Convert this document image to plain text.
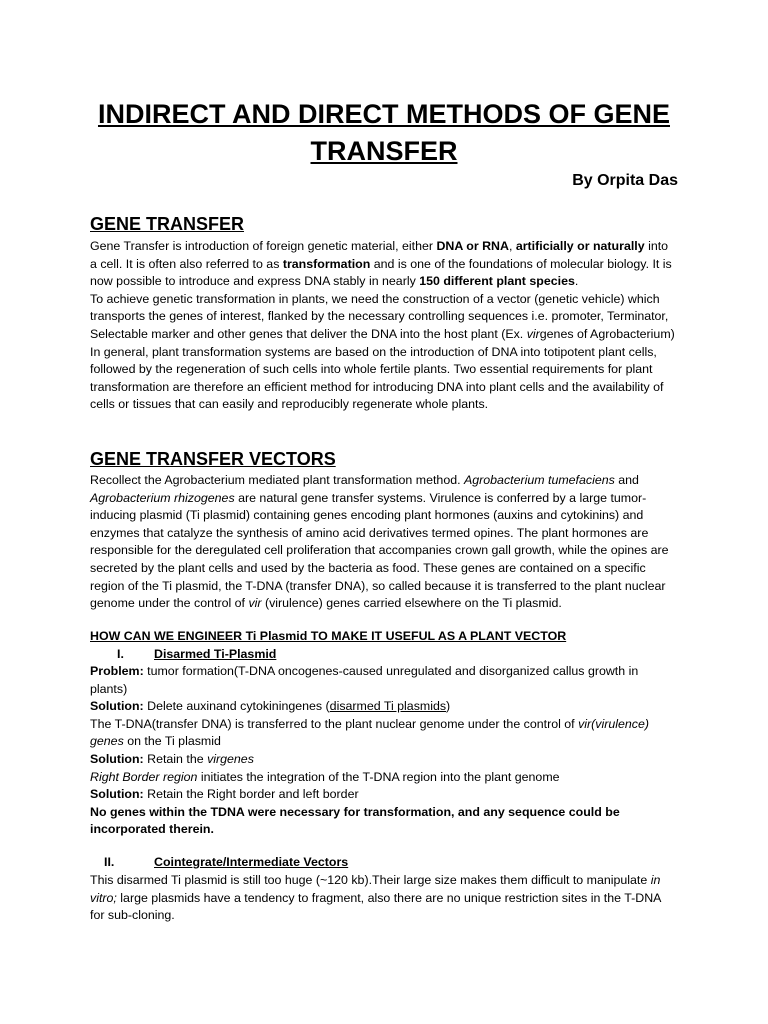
INDIRECT AND DIRECT METHODS OF GENE
TRANSFER
By Orpita Das
GENE TRANSFER
Gene Transfer is introduction of foreign genetic material, either DNA or RNA, artificially or naturally into a cell. It is often also referred to as transformation and is one of the foundations of molecular biology. It is now possible to introduce and express DNA stably in nearly 150 different plant species.
To achieve genetic transformation in plants, we need the construction of a vector (genetic vehicle) which transports the genes of interest, flanked by the necessary controlling sequences i.e. promoter, Terminator, Selectable marker and other genes that deliver the DNA into the host plant (Ex. virgenes of Agrobacterium)
In general, plant transformation systems are based on the introduction of DNA into totipotent plant cells, followed by the regeneration of such cells into whole fertile plants. Two essential requirements for plant transformation are therefore an efficient method for introducing DNA into plant cells and the availability of cells or tissues that can easily and reproducibly regenerate whole plants.
GENE TRANSFER VECTORS
Recollect the Agrobacterium mediated plant transformation method. Agrobacterium tumefaciens and Agrobacterium rhizogenes are natural gene transfer systems. Virulence is conferred by a large tumor-inducing plasmid (Ti plasmid) containing genes encoding plant hormones (auxins and cytokinins) and enzymes that catalyze the synthesis of amino acid derivatives termed opines. The plant hormones are responsible for the deregulated cell proliferation that accompanies crown gall growth, while the opines are secreted by the plant cells and used by the bacteria as food. These genes are contained on a specific region of the Ti plasmid, the T-DNA (transfer DNA), so called because it is transferred to the plant nuclear genome under the control of vir (virulence) genes carried elsewhere on the Ti plasmid.
HOW CAN WE ENGINEER Ti Plasmid TO MAKE IT USEFUL AS A PLANT VECTOR
I. Disarmed Ti-Plasmid
Problem: tumor formation(T-DNA oncogenes-caused unregulated and disorganized callus growth in plants)
Solution: Delete auxinand cytokiningenes (disarmed Ti plasmids)
The T-DNA(transfer DNA) is transferred to the plant nuclear genome under the control of vir(virulence) genes on the Ti plasmid
Solution: Retain the virgenes
Right Border region initiates the integration of the T-DNA region into the plant genome
Solution: Retain the Right border and left border
No genes within the TDNA were necessary for transformation, and any sequence could be incorporated therein.
II.	Cointegrate/Intermediate Vectors
This disarmed Ti plasmid is still too huge (~120 kb).Their large size makes them difficult to manipulate in vitro; large plasmids have a tendency to fragment, also there are no unique restriction sites in the T-DNA for sub-cloning.
